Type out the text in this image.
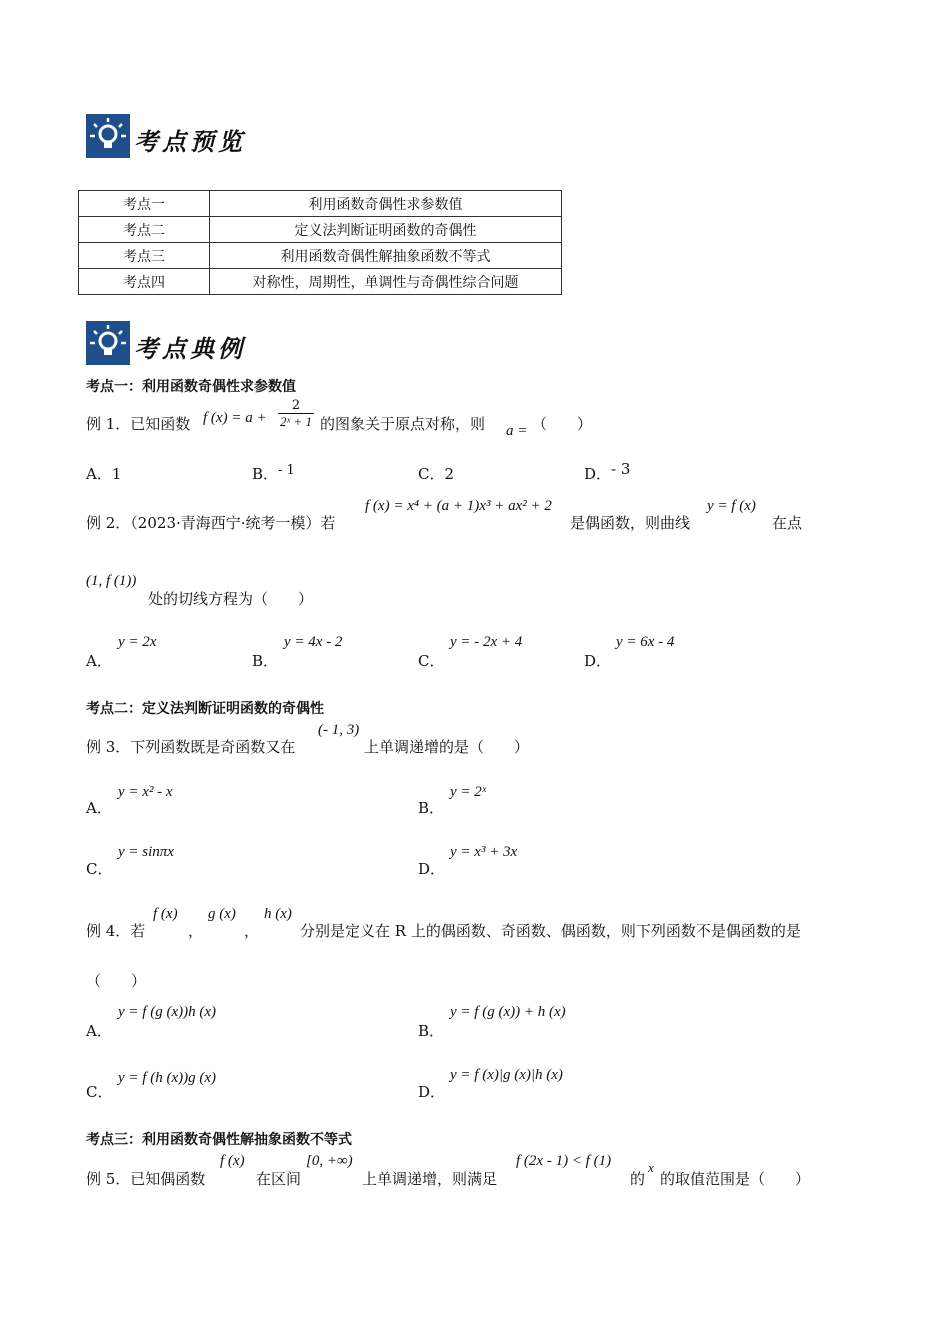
考点预览
考点一	利用函数奇偶性求参数值
考点二	定义法判断证明函数的奇偶性
考点三	利用函数奇偶性解抽象函数不等式
考点四	对称性，周期性，单调性与奇偶性综合问题
考点典例
考点一：利用函数奇偶性求参数值
例 1．已知函数 f $(x) = a + \frac{2}{\text{2ˣ + 1}}$ 的图象关于原点对称，则 a = （　　）
A．1	B．- 1	C．2	D．- 3
例 2．（2023·青海西宁·统考一模）若
f (x) = x⁴ + (a + 1)x³ + ax² + 2
是偶函数，则曲线
y = f (x)
在点
(1, f (1))
处的切线方程为（　　）
A．
y = 2x
B．
y = 4x - 2
C．
y = - 2x + 4
D．
y = 6x - 4
考点二：定义法判断证明函数的奇偶性
例 3．下列函数既是奇函数又在
(- 1, 3)
上单调递增的是（　　）
A．
y = x² - x
B．
y = 2ˣ
C．
y = sinπx
D．
y = x³ + 3x
例 4．若
f (x)
，
g (x)
，
h (x)
分别是定义在 R 上的偶函数、奇函数、偶函数，则下列函数不是偶函数的是
（　　）
A．
y = f (g (x))h (x)
B．
y = f (g (x)) + h (x)
C．
y = f (h (x))g (x)
D．
y = f (x)|g (x)|h (x)
考点三：利用函数奇偶性解抽象函数不等式
例 5．已知偶函数
f (x)
在区间
[0, +∞)
上单调递增，则满足
f (2x - 1) < f (1)
的
x
的取值范围是（　　）
